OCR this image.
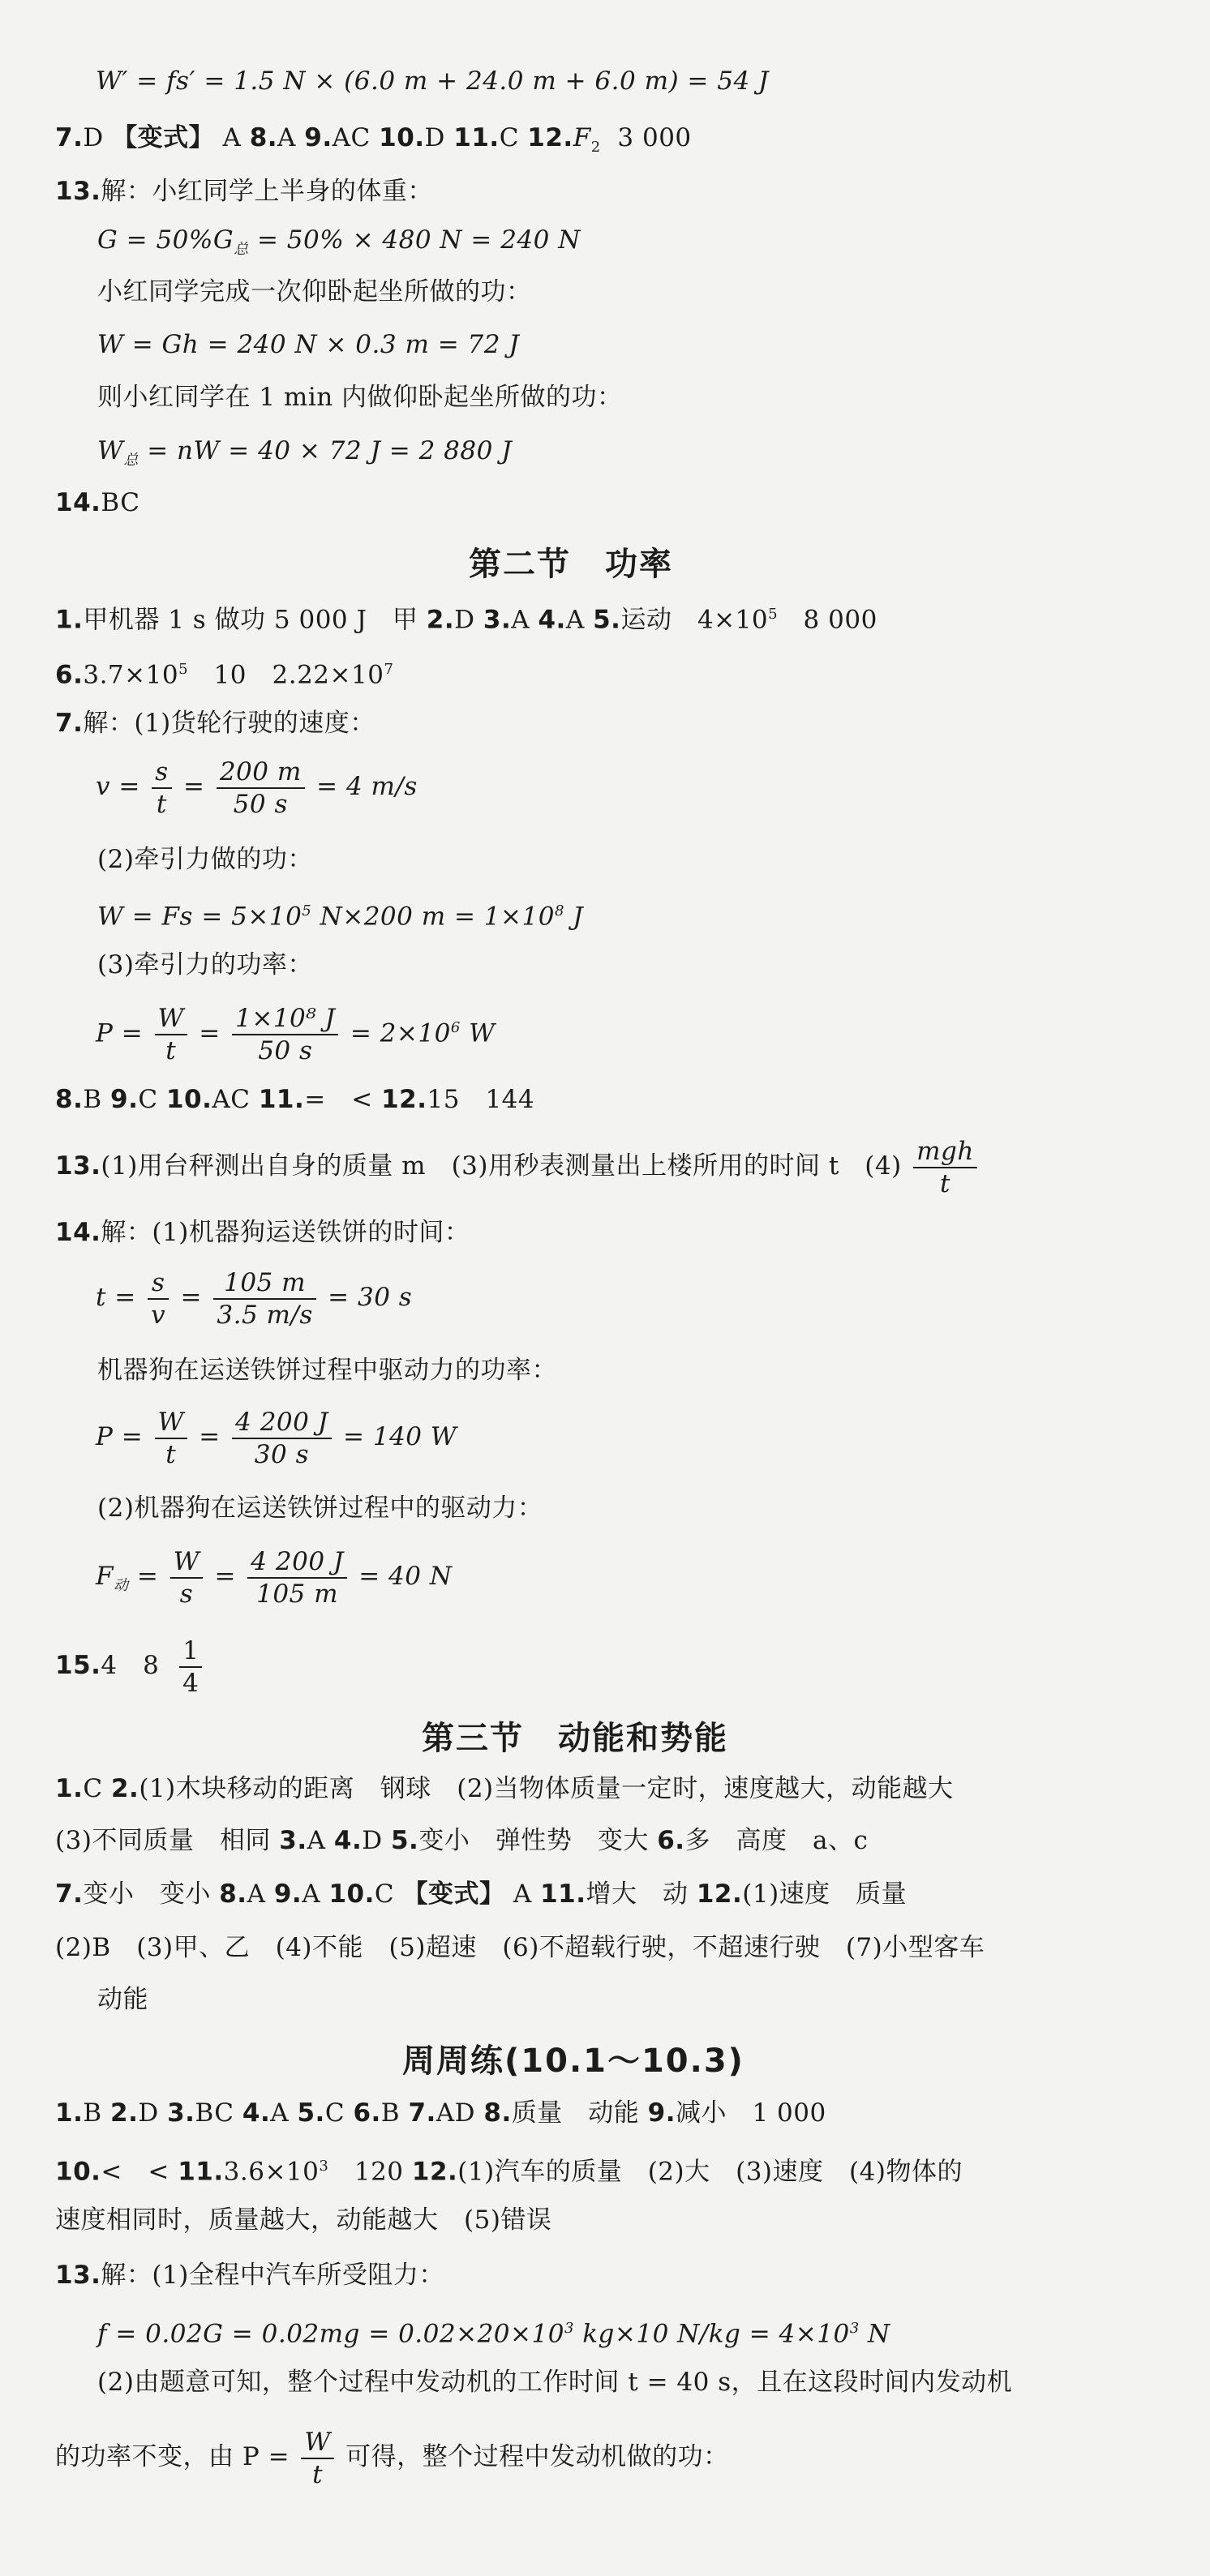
W′ = fs′ = 1.5 N × (6.0 m + 24.0 m + 6.0 m) = 54 J
7.D 【变式】 A 8.A 9.AC 10.D 11.C $12.F_2$ 3 000
13.解：小红同学上半身的体重：
$G = 50\%G_总 = 50\% \times 480$ N = 240 N
小红同学完成一次仰卧起坐所做的功：
W = Gh = 240 N × 0.3 m = 72 J
则小红同学在 1 min 内做仰卧起坐所做的功：
$W_总$ = nW = 40 × 72 J = 2 880 J
14.BC
第二节　功率
1.甲机器 1 s 做功 5 000 J　甲 2.D 3.A 4.A 5.运动　$4\times 10^5$　8 000
$6.3.7\times 10^5$　10　$2.22\times 10^7$
7.解：(1)货轮行驶的速度：
$v = \frac{s}{t} = \frac{200 m}{50 s} = 4$ m/s
(2)牵引力做的功：
$W = Fs = 5\times 10^5$ N×200 $m = 1\times 10^8$ J
(3)牵引力的功率：
$P = \frac{W}{t} = \frac{\text{1×10⁸ J}}{50 s} = 2\times 10^6$ W
8.B 9.C 10.AC 11.=　< 12.15　144
13.(1)用台秤测出自身的质量 m　(3)用秒表测量出上楼所用的时间 t　$(4) \frac{\text{mgh}}{t}$
14.解：(1)机器狗运送铁饼的时间：
$t = \frac{s}{v} = \frac{105 m}{3.5 m/s} = 30$ s
机器狗在运送铁饼过程中驱动力的功率：
$P = \frac{W}{t} = \frac{4 200 J}{30 s} = 140$ W
(2)机器狗在运送铁饼过程中的驱动力：
$F_动 = \frac{W}{s} = \frac{4 200 J}{105 m} = 40$ N
15.4　$8 \frac{1}{4}$
第三节　动能和势能
1.C 2.(1)木块移动的距离　钢球　(2)当物体质量一定时，速度越大，动能越大
(3)不同质量　相同 3.A 4.D 5.变小　弹性势　变大 6.多　高度　a、c
7.变小　变小 8.A 9.A 10.C 【变式】 A 11.增大　动 12.(1)速度　质量
(2)B　(3)甲、乙　(4)不能　(5)超速　(6)不超载行驶，不超速行驶　(7)小型客车
动能
周周练(10.1～10.3)
1.B 2.D 3.BC 4.A 5.C 6.B 7.AD 8.质量　动能 9.减小　1 000
10.<　< $11.3.6\times 10^3$　120 12.(1)汽车的质量　(2)大　(3)速度　(4)物体的
速度相同时，质量越大，动能越大　(5)错误
13.解：(1)全程中汽车所受阻力：
$f = 0.02G = 0.02mg = 0.02\times 20\times 10^3$ kg×10 $N/kg = 4\times 10^3$ N
(2)由题意可知，整个过程中发动机的工作时间 t = 40 s，且在这段时间内发动机
的功率不变，由 $P = \frac{W}{t}$ 可得，整个过程中发动机做的功：
